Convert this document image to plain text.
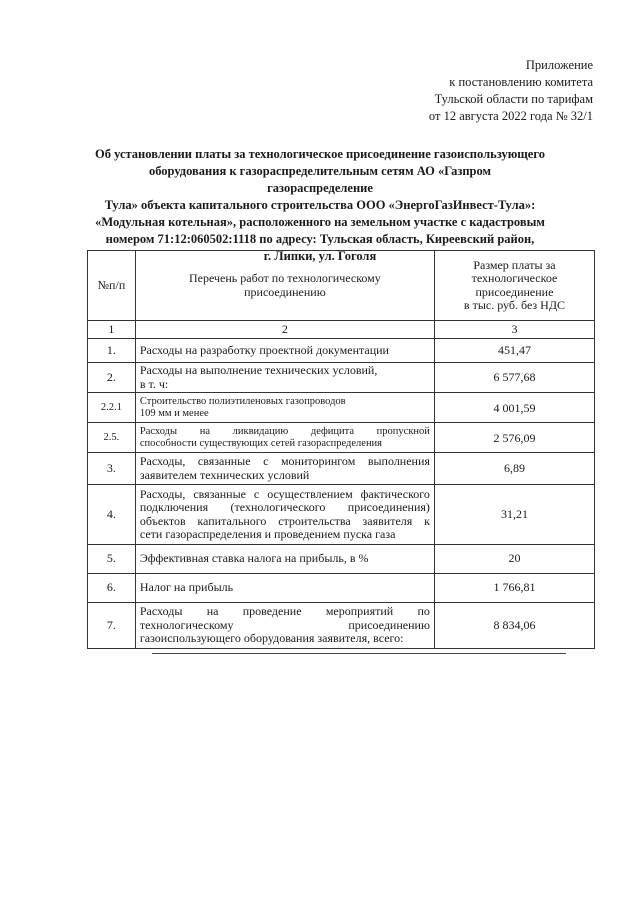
Приложение
к постановлению комитета
Тульской области по тарифам
от 12 августа 2022 года № 32/1
Об установлении платы за технологическое присоединение газоиспользующего
оборудования к газораспределительным сетям АО «Газпром газораспределение
Тула» объекта капитального строительства ООО «ЭнергоГазИнвест-Тула»:
«Модульная котельная», расположенного на земельном участке с кадастровым
номером 71:12:060502:1118 по адресу: Тульская область, Киреевский район,
г. Липки, ул. Гоголя
№п/п	Перечень работ по технологическому присоединению	Размер платы за
технологическое
присоединение
в тыс. руб. без НДС

1	2	3
1.	Расходы на разработку проектной документации	451,47
2.	Расходы на выполнение технических условий,
в т. ч:	6 577,68
2.2.1	Строительство полиэтиленовых газопроводов
109 мм и менее	4 001,59
2.5.	Расходы на ликвидацию дефицита пропускной
способности существующих сетей газораспределения	2 576,09
3.	Расходы, связанные с мониторингом выполнения
заявителем технических условий	6,89
4.	Расходы, связанные с осуществлением фактического
подключения (технологического присоединения)
объектов капитального строительства заявителя к
сети газораспределения и проведением пуска газа	31,21
5.	Эффективная ставка налога на прибыль, в %	20
6.	Налог на прибыль	1 766,81
7.	Расходы на проведение мероприятий по
технологическому присоединению
газоиспользующего оборудования заявителя, всего:	8 834,06
